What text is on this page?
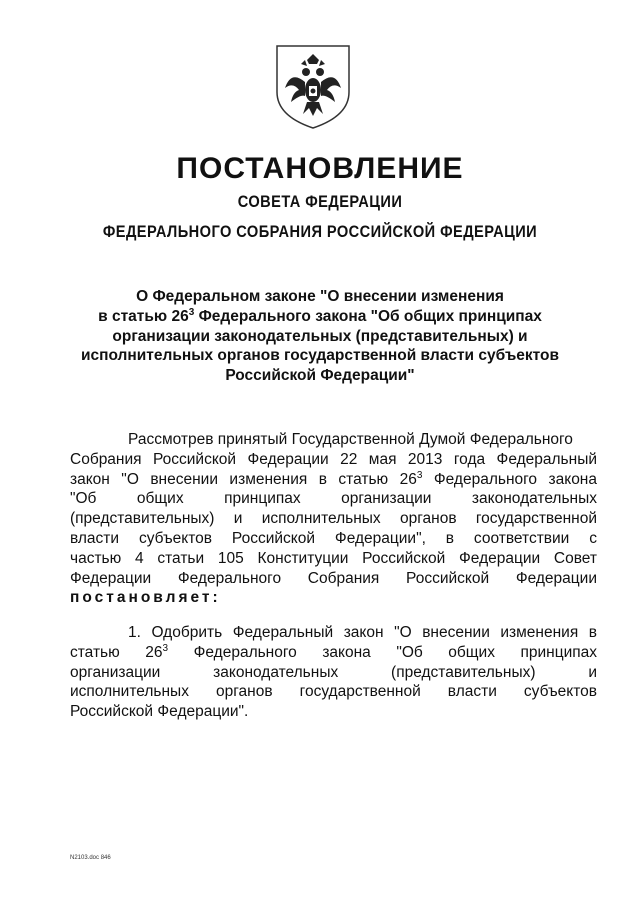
ПОСТАНОВЛЕНИЕ
СОВЕТА ФЕДЕРАЦИИ
ФЕДЕРАЛЬНОГО СОБРАНИЯ РОССИЙСКОЙ ФЕДЕРАЦИИ
О Федеральном законе "О внесении изменения
в статью $26^3$ Федерального закона "Об общих принципах
организации законодательных (представительных) и
исполнительных органов государственной власти субъектов
Российской Федерации"
Рассмотрев принятый Государственной Думой Федерального
Собрания Российской Федерации 22 мая 2013 года Федеральный
закон "О внесении изменения в статью $26^3$ Федерального закона
"Об общих принципах организации законодательных
(представительных) и исполнительных органов государственной
власти субъектов Российской Федерации", в соответствии с
частью 4 статьи 105 Конституции Российской Федерации Совет
Федерации Федерального Собрания Российской Федерации
постановляет:
1. Одобрить Федеральный закон "О внесении изменения в
статью $26^3$ Федерального закона "Об общих принципах
организации законодательных (представительных) и
исполнительных органов государственной власти субъектов
Российской Федерации".
N2103.doc 846
